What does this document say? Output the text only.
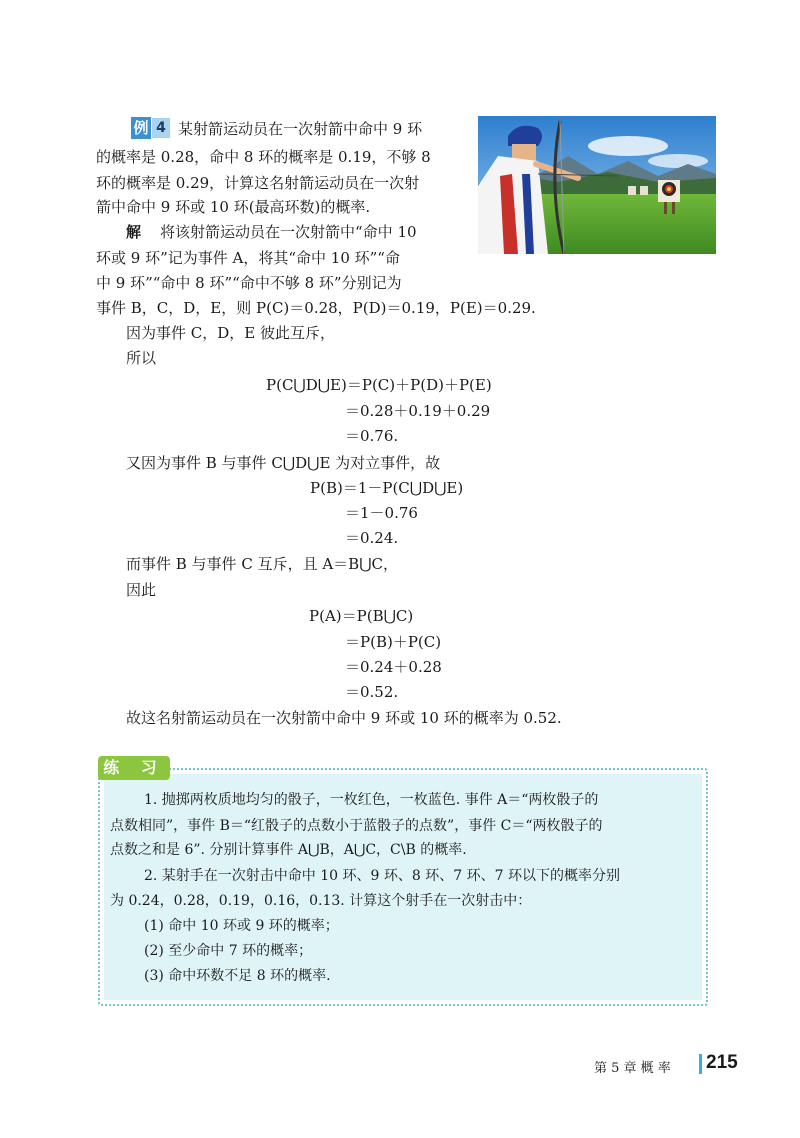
例 4 某射箭运动员在一次射箭中命中 9 环
的概率是 0.28，命中 8 环的概率是 0.19，不够 8
环的概率是 0.29，计算这名射箭运动员在一次射
箭中命中 9 环或 10 环(最高环数)的概率.
解 将该射箭运动员在一次射箭中“命中 10
环或 9 环”记为事件 A，将其“命中 10 环”“命
中 9 环”“命中 8 环”“命中不够 8 环”分别记为
事件 B，C，D，E，则 P(C)＝0.28，P(D)＝0.19，P(E)＝0.29.
因为事件 C，D，E 彼此互斥，
所以
P(C⋃D⋃E)＝P(C)＋P(D)＋P(E)
＝0.28＋0.19＋0.29
＝0.76.
又因为事件 B 与事件 C⋃D⋃E 为对立事件，故
P(B)＝1－P(C⋃D⋃E)
＝1－0.76
＝0.24.
而事件 B 与事件 C 互斥，且 A＝B⋃C，
因此
P(A)＝P(B⋃C)
＝P(B)＋P(C)
＝0.24＋0.28
＝0.52.
故这名射箭运动员在一次射箭中命中 9 环或 10 环的概率为 0.52.
练 习
1. 抛掷两枚质地均匀的骰子，一枚红色，一枚蓝色. 事件 A＝“两枚骰子的
点数相同”，事件 B＝“红骰子的点数小于蓝骰子的点数”，事件 C＝“两枚骰子的
点数之和是 6”. 分别计算事件 A⋃B，A⋃C，C\B 的概率.
2. 某射手在一次射击中命中 10 环、9 环、8 环、7 环、7 环以下的概率分别
为 0.24，0.28，0.19，0.16，0.13. 计算这个射手在一次射击中：
(1) 命中 10 环或 9 环的概率；
(2) 至少命中 7 环的概率；
(3) 命中环数不足 8 环的概率.
第 5 章 概 率 215
